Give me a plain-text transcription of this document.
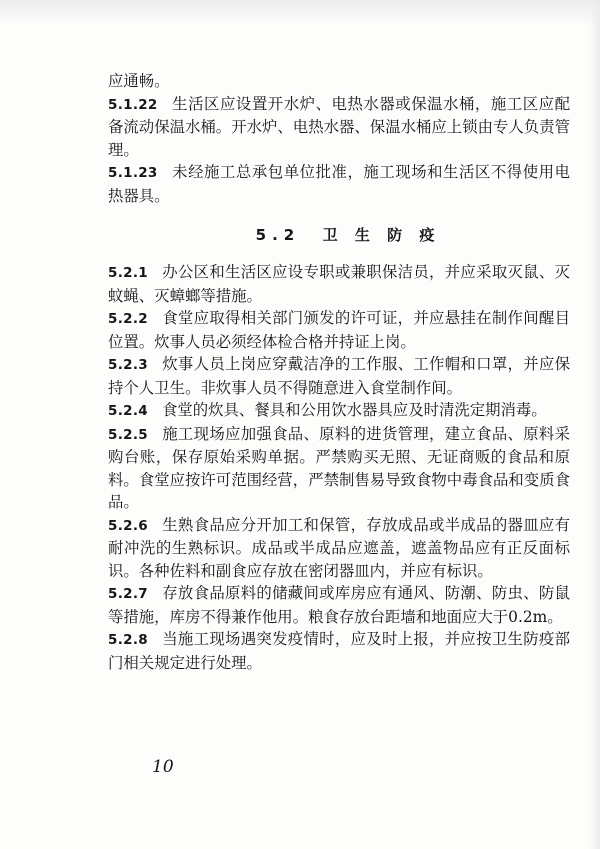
应通畅。

5.1.22 生活区应设置开水炉、电热水器或保温水桶，施工区应配备流动保温水桶。开水炉、电热水器、保温水桶应上锁由专人负责管理。

5.1.23 未经施工总承包单位批准，施工现场和生活区不得使用电热器具。

5.2 卫 生 防 疫

5.2.1 办公区和生活区应设专职或兼职保洁员，并应采取灭鼠、灭蚊蝇、灭蟑螂等措施。

5.2.2 食堂应取得相关部门颁发的许可证，并应悬挂在制作间醒目位置。炊事人员必须经体检合格并持证上岗。

5.2.3 炊事人员上岗应穿戴洁净的工作服、工作帽和口罩，并应保持个人卫生。非炊事人员不得随意进入食堂制作间。

5.2.4 食堂的炊具、餐具和公用饮水器具应及时清洗定期消毒。

5.2.5 施工现场应加强食品、原料的进货管理，建立食品、原料采购台账，保存原始采购单据。严禁购买无照、无证商贩的食品和原料。食堂应按许可范围经营，严禁制售易导致食物中毒食品和变质食品。

5.2.6 生熟食品应分开加工和保管，存放成品或半成品的器皿应有耐冲洗的生熟标识。成品或半成品应遮盖，遮盖物品应有正反面标识。各种佐料和副食应存放在密闭器皿内，并应有标识。

5.2.7 存放食品原料的储藏间或库房应有通风、防潮、防虫、防鼠等措施，库房不得兼作他用。粮食存放台距墙和地面应大于0.2m。

5.2.8 当施工现场遇突发疫情时，应及时上报，并应按卫生防疫部门相关规定进行处理。

10
